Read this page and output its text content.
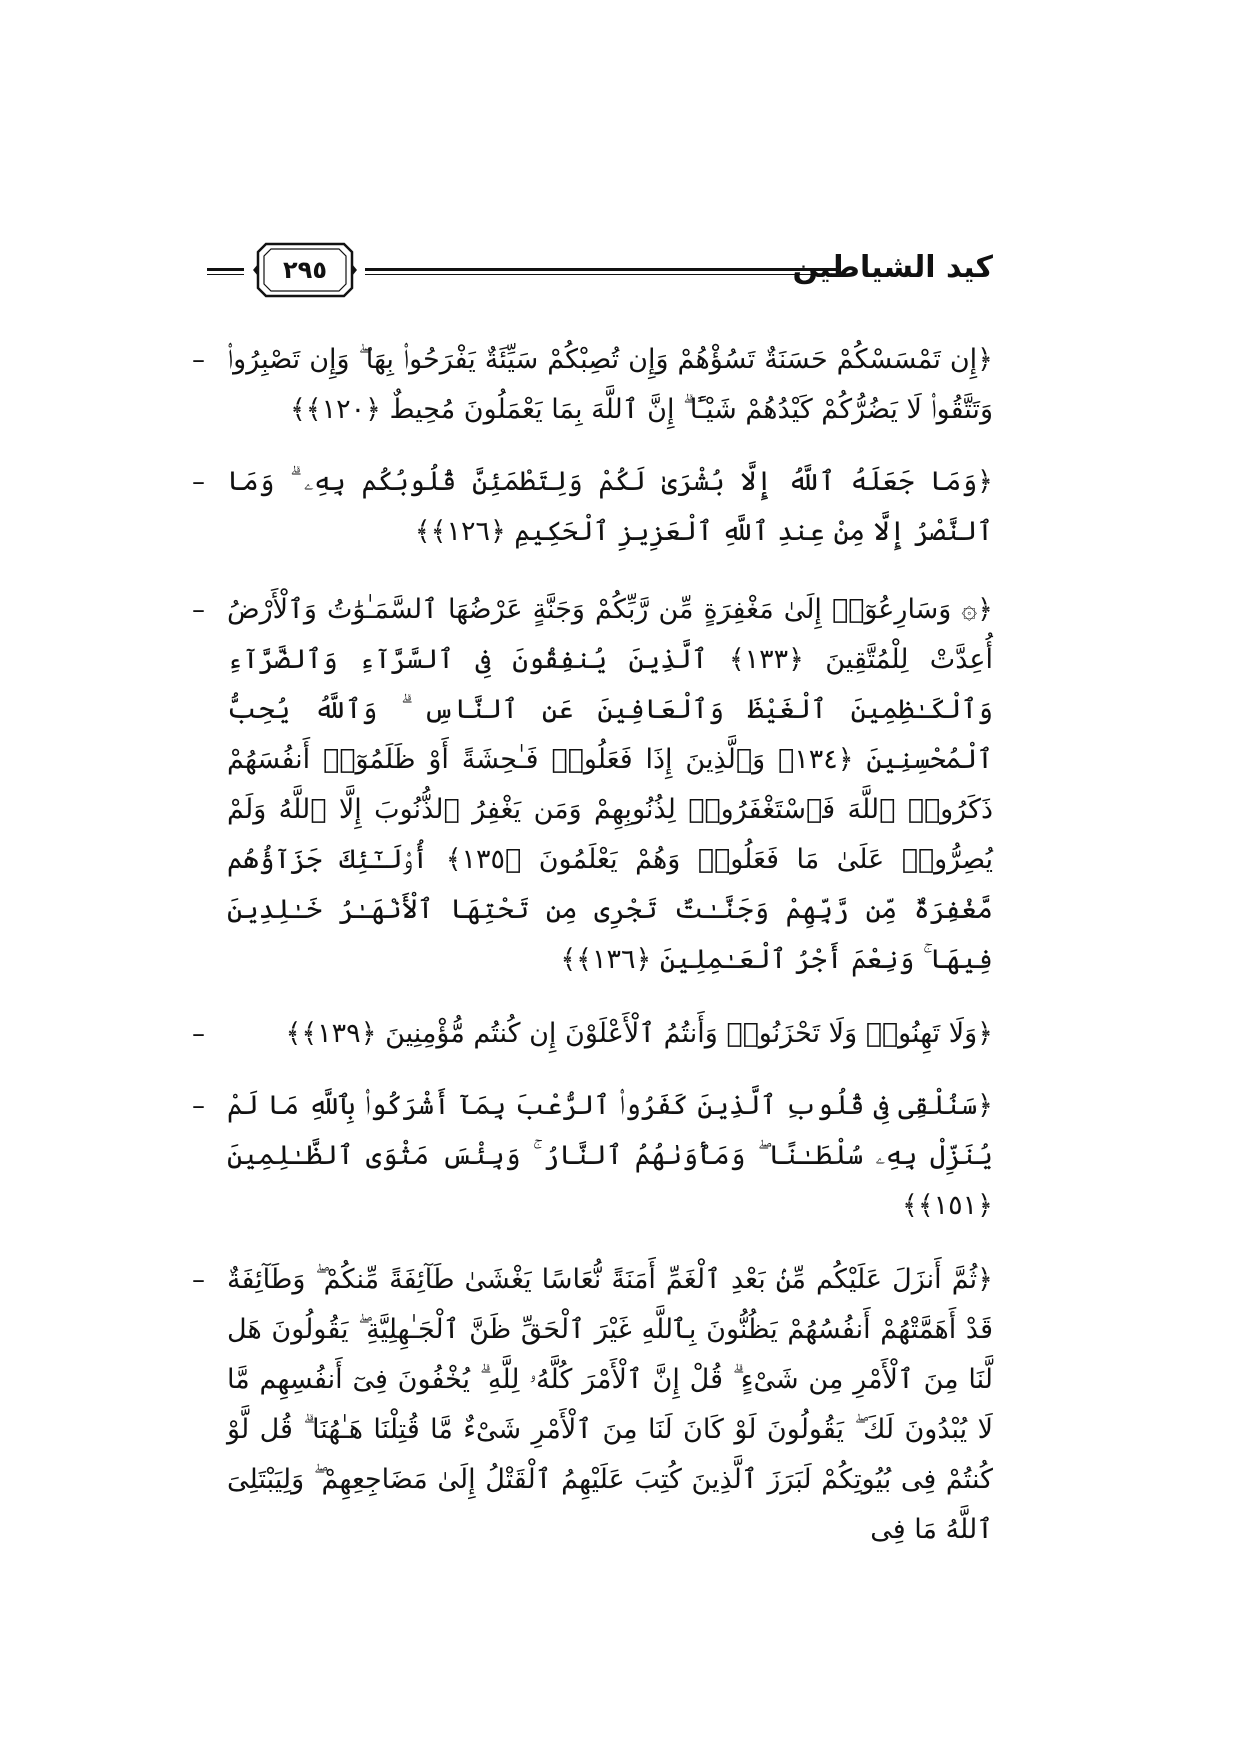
٢٩٥	كيد الشياطين
– ﴿إِن تَمْسَسْكُمْ حَسَنَةٌ تَسُؤْهُمْ وَإِن تُصِبْكُمْ سَيِّئَةٌ يَفْرَحُوا۟ بِهَا ۖ وَإِن تَصْبِرُوا۟ وَتَتَّقُوا۟ لَا يَضُرُّكُمْ كَيْدُهُمْ شَيْـًٔا ۗ إِنَّ ٱللَّهَ بِمَا يَعْمَلُونَ مُحِيطٌ ﴿١٢٠﴾﴾
– ﴿وَمَا جَعَلَهُ ٱللَّهُ إِلَّا بُشْرَىٰ لَكُمْ وَلِتَطْمَئِنَّ قُلُوبُكُم بِهِۦ ۗ وَمَا ٱلنَّصْرُ إِلَّا مِنْ عِندِ ٱللَّهِ ٱلْعَزِيزِ ٱلْحَكِيمِ ﴿١٢٦﴾﴾
– ﴿۞ وَسَارِعُوٓا۟ إِلَىٰ مَغْفِرَةٍ مِّن رَّبِّكُمْ وَجَنَّةٍ عَرْضُهَا ٱلسَّمَـٰوَٰتُ وَٱلْأَرْضُ أُعِدَّتْ لِلْمُتَّقِينَ ﴿١٣٣﴾ ٱلَّذِينَ يُنفِقُونَ فِى ٱلسَّرَّآءِ وَٱلضَّرَّآءِ وَٱلْكَـٰظِمِينَ ٱلْغَيْظَ وَٱلْعَافِينَ عَنِ ٱلنَّاسِ ۗ وَٱللَّهُ يُحِبُّ ٱلْمُحْسِنِينَ ﴿١٣٤﴾ وَٱلَّذِينَ إِذَا فَعَلُوا۟ فَـٰحِشَةً أَوْ ظَلَمُوٓا۟ أَنفُسَهُمْ ذَكَرُوا۟ ٱللَّهَ فَٱسْتَغْفَرُوا۟ لِذُنُوبِهِمْ وَمَن يَغْفِرُ ٱلذُّنُوبَ إِلَّا ٱللَّهُ وَلَمْ يُصِرُّوا۟ عَلَىٰ مَا فَعَلُوا۟ وَهُمْ يَعْلَمُونَ ﴿١٣٥﴾ أُو۟لَـٰٓئِكَ جَزَآؤُهُم مَّغْفِرَةٌ مِّن رَّبِّهِمْ وَجَنَّـٰتٌ تَجْرِى مِن تَحْتِهَا ٱلْأَنْهَـٰرُ خَـٰلِدِينَ فِيهَا ۚ وَنِعْمَ أَجْرُ ٱلْعَـٰمِلِينَ ﴿١٣٦﴾﴾
–	﴿وَلَا تَهِنُوا۟ وَلَا تَحْزَنُوا۟ وَأَنتُمُ ٱلْأَعْلَوْنَ إِن كُنتُم مُّؤْمِنِينَ ﴿١٣٩﴾﴾
– ﴿سَنُلْقِى فِى قُلُوبِ ٱلَّذِينَ كَفَرُوا۟ ٱلرُّعْبَ بِمَآ أَشْرَكُوا۟ بِٱللَّهِ مَا لَمْ يُنَزِّلْ بِهِۦ سُلْطَـٰنًا ۖ وَمَأْوَىٰهُمُ ٱلنَّارُ ۚ وَبِئْسَ مَثْوَى ٱلظَّـٰلِمِينَ ﴿١٥١﴾﴾
– ﴿ثُمَّ أَنزَلَ عَلَيْكُم مِّنۢ بَعْدِ ٱلْغَمِّ أَمَنَةً نُّعَاسًا يَغْشَىٰ طَآئِفَةً مِّنكُمْ ۖ وَطَآئِفَةٌ قَدْ أَهَمَّتْهُمْ أَنفُسُهُمْ يَظُنُّونَ بِٱللَّهِ غَيْرَ ٱلْحَقِّ ظَنَّ ٱلْجَـٰهِلِيَّةِ ۖ يَقُولُونَ هَل لَّنَا مِنَ ٱلْأَمْرِ مِن شَىْءٍ ۗ قُلْ إِنَّ ٱلْأَمْرَ كُلَّهُۥ لِلَّهِ ۗ يُخْفُونَ فِىٓ أَنفُسِهِم مَّا لَا يُبْدُونَ لَكَ ۖ يَقُولُونَ لَوْ كَانَ لَنَا مِنَ ٱلْأَمْرِ شَىْءٌ مَّا قُتِلْنَا هَـٰهُنَا ۗ قُل لَّوْ كُنتُمْ فِى بُيُوتِكُمْ لَبَرَزَ ٱلَّذِينَ كُتِبَ عَلَيْهِمُ ٱلْقَتْلُ إِلَىٰ مَضَاجِعِهِمْ ۖ وَلِيَبْتَلِىَ ٱللَّهُ مَا فِى
